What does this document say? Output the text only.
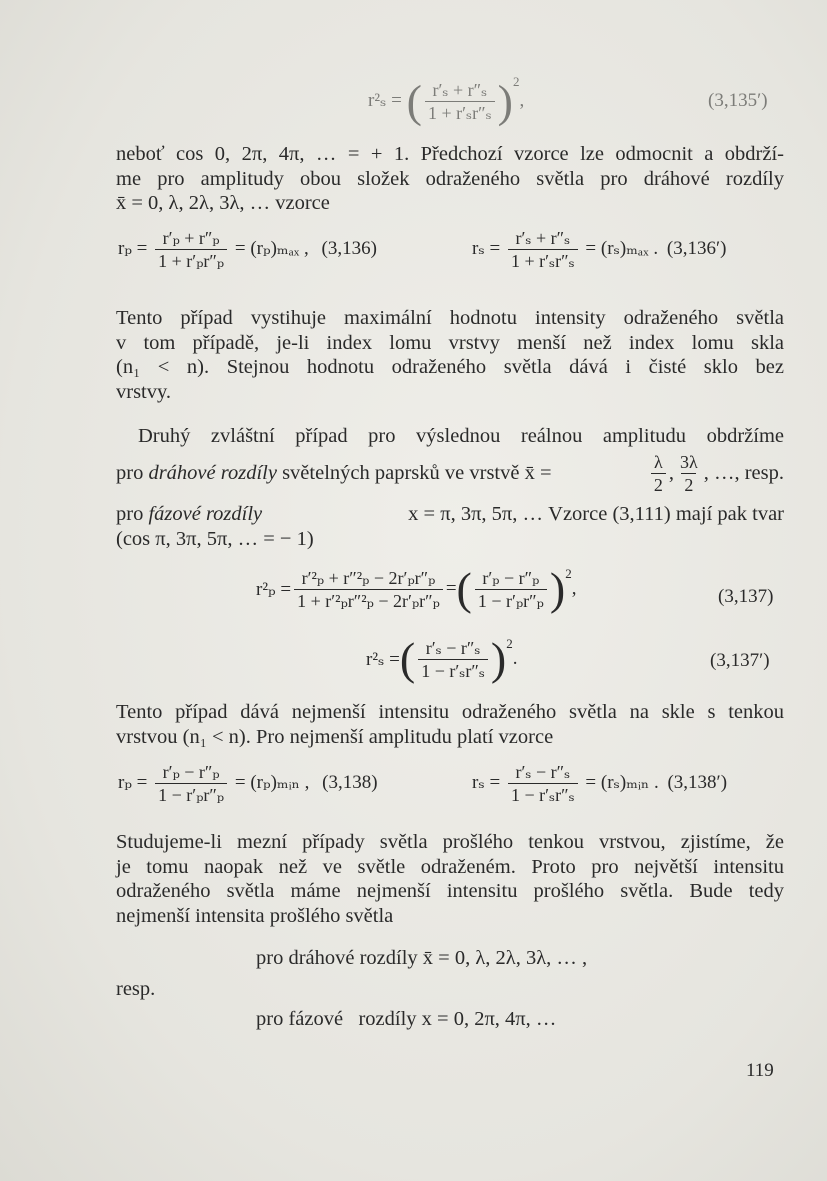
r²ₛ = ( $\frac{\text{r′ₛ + r″ₛ}}{\text{1 + r′ₛr″ₛ}} )^2$,	(3,135′)
neboť cos 0, 2π, 4π, … = + 1. Předchozí vzorce lze odmocnit a obdrží-
me pro amplitudy obou složek odraženého světla pro dráhové rozdíly
x̄ = 0, λ, 2λ, 3λ, … vzorce
$r_p = \frac{\text{r′ₚ + r″ₚ}}{\text{1 + r′ₚr″ₚ}} = (r_p)_{max}$ , (3,136)	$r_s = \frac{\text{r′ₛ + r″ₛ}}{\text{1 + r′ₛr″ₛ}} = (r_s)_{max}$ . (3,136′)
Tento případ vystihuje maximální hodnotu intensity odraženého světla
v tom případě, je-li index lomu vrstvy menší než index lomu skla
(n₁ < n). Stejnou hodnotu odraženého světla dává i čisté sklo bez
vrstvy.
Druhý zvláštní případ pro výslednou reálnou amplitudu obdržíme
pro dráhové rozdíly světelných paprsků ve vrstvě x̄ =	$\frac{\lambda}{2}$ , $\frac{3\lambda}{2}$ , …, resp.
pro fázové rozdíly	x = π, 3π, 5π, … Vzorce (3,111) mají pak tvar
(cos π, 3π, 5π, … = − 1)
$r^2_p = \frac{\text{r′²ₚ + r″²ₚ − 2r′ₚr″ₚ}}{\text{1 + r′²ₚr″²ₚ − 2r′ₚr″ₚ}}$ = ( $\frac{\text{r′ₚ − r″ₚ}}{\text{1 − r′ₚr″ₚ}} )^2$
,	(3,137)
r²ₛ = ( $\frac{\text{r′ₛ − r″ₛ}}{\text{1 − r′ₛr″ₛ}} )^2$
.	(3,137′)
Tento případ dává nejmenší intensitu odraženého světla na skle s tenkou
vrstvou (n₁ < n). Pro nejmenší amplitudu platí vzorce
$r_p = \frac{\text{r′ₚ − r″ₚ}}{\text{1 − r′ₚr″ₚ}}$ = (rₚ)ₘᵢₙ , (3,138)	$r_s = \frac{\text{r′ₛ − r″ₛ}}{\text{1 − r′ₛr″ₛ}}$ = (rₛ)ₘᵢₙ . (3,138′)
Studujeme-li mezní případy světla prošlého tenkou vrstvou, zjistíme, že
je tomu naopak než ve světle odraženém. Proto pro největší intensitu
odraženého světla máme nejmenší intensitu prošlého světla. Bude tedy
nejmenší intensita prošlého světla
pro dráhové rozdíly x̄ = 0, λ, 2λ, 3λ, … ,
resp.
pro fázové   rozdíly x = 0, 2π, 4π, …
119
